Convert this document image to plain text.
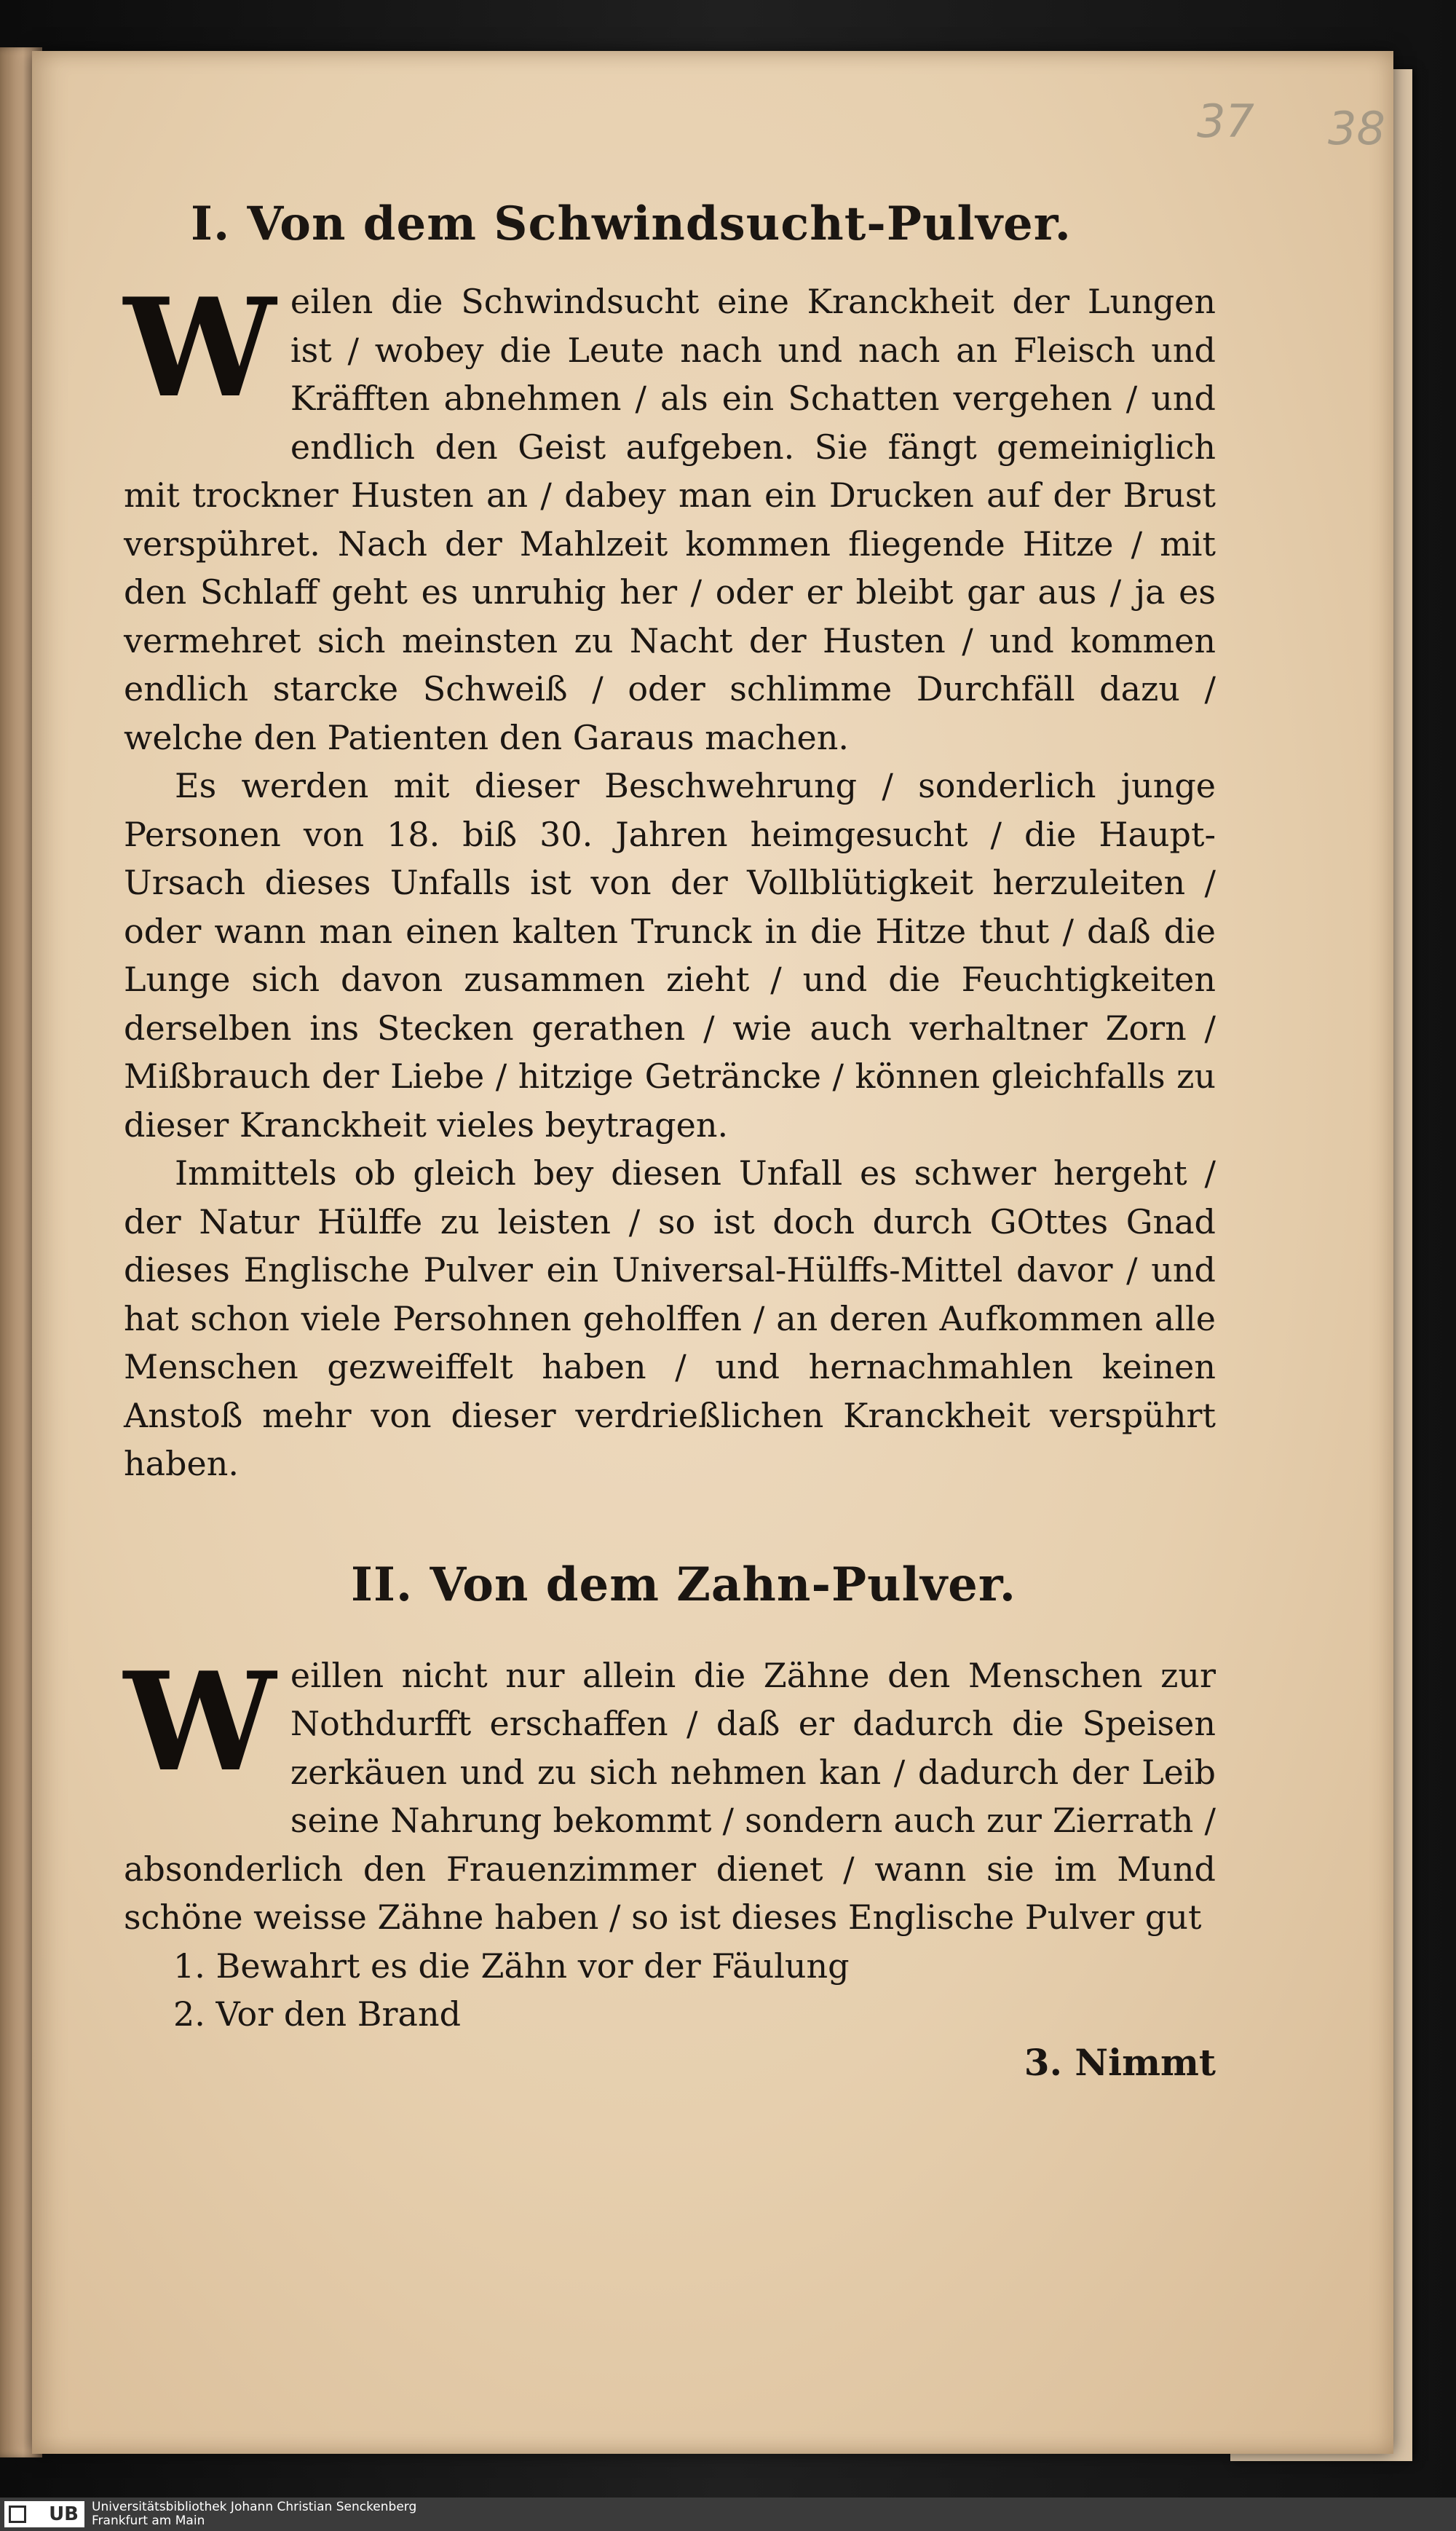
37 38
I. Von dem Schwindsucht-Pulver.

W eilen die Schwindsucht eine Kranckheit der Lungen ist / wobey die Leute nach und nach an Fleisch und Kräfften abnehmen / als ein Schatten vergehen / und endlich den Geist aufgeben. Sie fängt gemeiniglich mit trockner Husten an / dabey man ein Drucken auf der Brust verspühret. Nach der Mahlzeit kommen fliegende Hitze / mit den Schlaff geht es unruhig her / oder er bleibt gar aus / ja es vermehret sich meinsten zu Nacht der Husten / und kommen endlich starcke Schweiß / oder schlimme Durchfäll dazu / welche den Patienten den Garaus machen.

Es werden mit dieser Beschwehrung / sonderlich junge Personen von 18. biß 30. Jahren heimgesucht / die Haupt-Ursach dieses Unfalls ist von der Vollblütigkeit herzuleiten / oder wann man einen kalten Trunck in die Hitze thut / daß die Lunge sich davon zusammen zieht / und die Feuchtigkeiten derselben ins Stecken gerathen / wie auch verhaltner Zorn / Mißbrauch der Liebe / hitzige Geträncke / können gleichfalls zu dieser Kranckheit vieles beytragen.

Immittels ob gleich bey diesen Unfall es schwer hergeht / der Natur Hülffe zu leisten / so ist doch durch GOttes Gnad dieses Englische Pulver ein Universal-Hülffs-Mittel davor / und hat schon viele Persohnen geholffen / an deren Aufkommen alle Menschen gezweiffelt haben / und hernachmahlen keinen Anstoß mehr von dieser verdrießlichen Kranckheit verspührt haben.

II. Von dem Zahn-Pulver.

W eillen nicht nur allein die Zähne den Menschen zur Nothdurfft erschaffen / daß er dadurch die Speisen zerkäuen und zu sich nehmen kan / dadurch der Leib seine Nahrung bekommt / sondern auch zur Zierrath / absonderlich den Frauenzimmer dienet / wann sie im Mund schöne weisse Zähne haben / so ist dieses Englische Pulver gut

1. Bewahrt es die Zähn vor der Fäulung
2. Vor den Brand
3. Nimmt
UB	Universitätsbibliothek Johann Christian Senckenberg
Frankfurt am Main
